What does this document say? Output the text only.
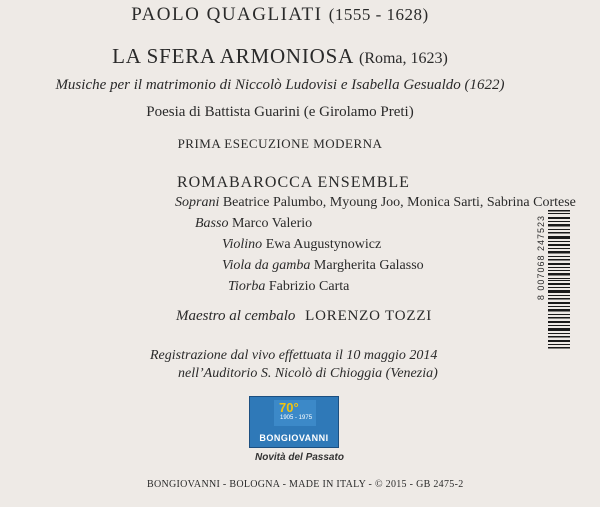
PAOLO QUAGLIATI (1555 - 1628)
LA SFERA ARMONIOSA (Roma, 1623)
Musiche per il matrimonio di Niccolò Ludovisi e Isabella Gesualdo (1622)
Poesia di Battista Guarini (e Girolamo Preti)
PRIMA ESECUZIONE MODERNA
ROMABAROCCA ENSEMBLE
Soprani Beatrice Palumbo, Myoung Joo, Monica Sarti, Sabrina Cortese
Basso Marco Valerio
Violino Ewa Augustynowicz
Viola da gamba Margherita Galasso
Tiorba Fabrizio Carta
Maestro al cembalo LORENZO TOZZI
Registrazione dal vivo effettuata il 10 maggio 2014
nell’Auditorio S. Nicolò di Chioggia (Venezia)
70°
1905 - 1975
BONGIOVANNI
Novità del Passato
BONGIOVANNI - BOLOGNA - MADE IN ITALY - © 2015 - GB 2475-2
8 007068 247523
